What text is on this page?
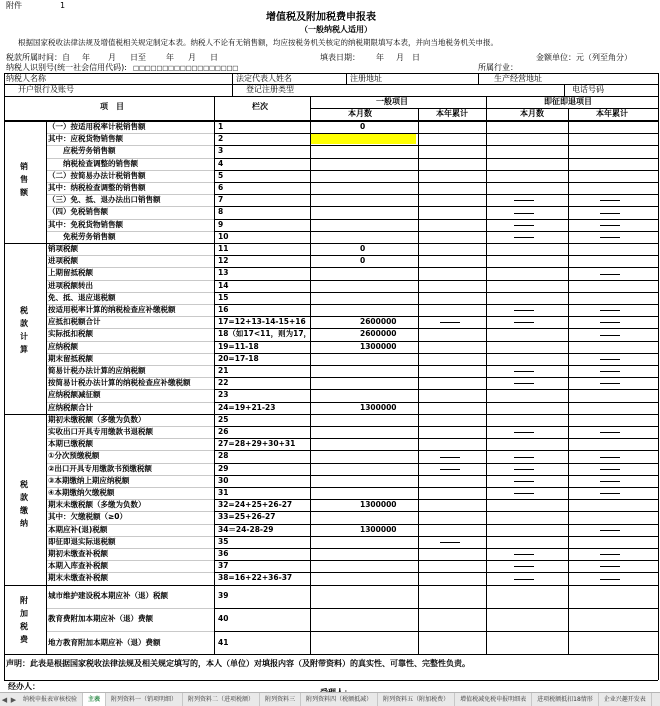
附件	1
增值税及附加税费申报表
（一般纳税人适用）
根据国家税收法律法规及增值税相关规定制定本表。纳税人不论有无销售额，均应按税务机关核定的纳税期限填写本表，并向当地税务机关申报。
税款所属时间：自 年 月 日至	年 月 日	填表日期： 年 月 日	金额单位：元（列至角分）
纳税人识别号(统一社会信用代码): □□□□□□□□□□□□□□□□□□	所属行业：
纳税人名称	法定代表人姓名	注册地址	生产经营地址
开户银行及账号	登记注册类型	电话号码
项　目	栏次
一般项目	即征即退项目
本月数	本年累计	本月数	本年累计
销
售
额
税
款
计
算
税
款
缴
纳
附
加
税
费
（一）按适用税率计税销售额	1	0
其中：应税货物销售额	2
　　应税劳务销售额	3
　　纳税检查调整的销售额	4
（二）按简易办法计税销售额	5
其中：纳税检查调整的销售额	6
（三）免、抵、退办法出口销售额	7
（四）免税销售额	8
其中：免税货物销售额	9
　　免税劳务销售额	10
销项税额	11	0
进项税额	12	0
上期留抵税额	13
进项税额转出	14
免、抵、退应退税额	15
按适用税率计算的纳税检查应补缴税额	16
应抵扣税额合计	17=12+13-14-15+16	2600000
实际抵扣税额	18（如17<11，则为17，	2600000
应纳税额	19=11-18	1300000
期末留抵税额	20=17-18
简易计税办法计算的应纳税额	21
按简易计税办法计算的纳税检查应补缴税额	22
应纳税额减征额	23
应纳税额合计	24=19+21-23	1300000
期初未缴税额（多缴为负数）	25
实收出口开具专用缴款书退税额	26
本期已缴税额	27=28+29+30+31
①分次预缴税额	28
②出口开具专用缴款书预缴税额	29
③本期缴纳上期应纳税额	30
④本期缴纳欠缴税额	31
期末未缴税额（多缴为负数）	32=24+25+26-27	1300000
其中：欠缴税额（≥0）	33=25+26-27
本期应补(退)税额	34＝24-28-29	1300000
即征即退实际退税额	35
期初未缴查补税额	36
本期入库查补税额	37
期末未缴查补税额	38=16+22+36-37
城市维护建设税本期应补（退）税额	39
教育费附加本期应补（退）费额	40
地方教育附加本期应补（退）费额	41
声明：此表是根据国家税收法律法规及相关规定填写的，本人（单位）对填报内容（及附带资料）的真实性、可靠性、完整性负责。
经办人：
◀ ▶	纳税申报表审核校验	主表	附列资料一（销项明细）	附列资料二（进项税额）	附列资料三	附列资料四（税额抵减）	附列资料五（附加税费）	增值税减免税申报明细表	进项税额抵扣18情形	企业兴趣开发表
